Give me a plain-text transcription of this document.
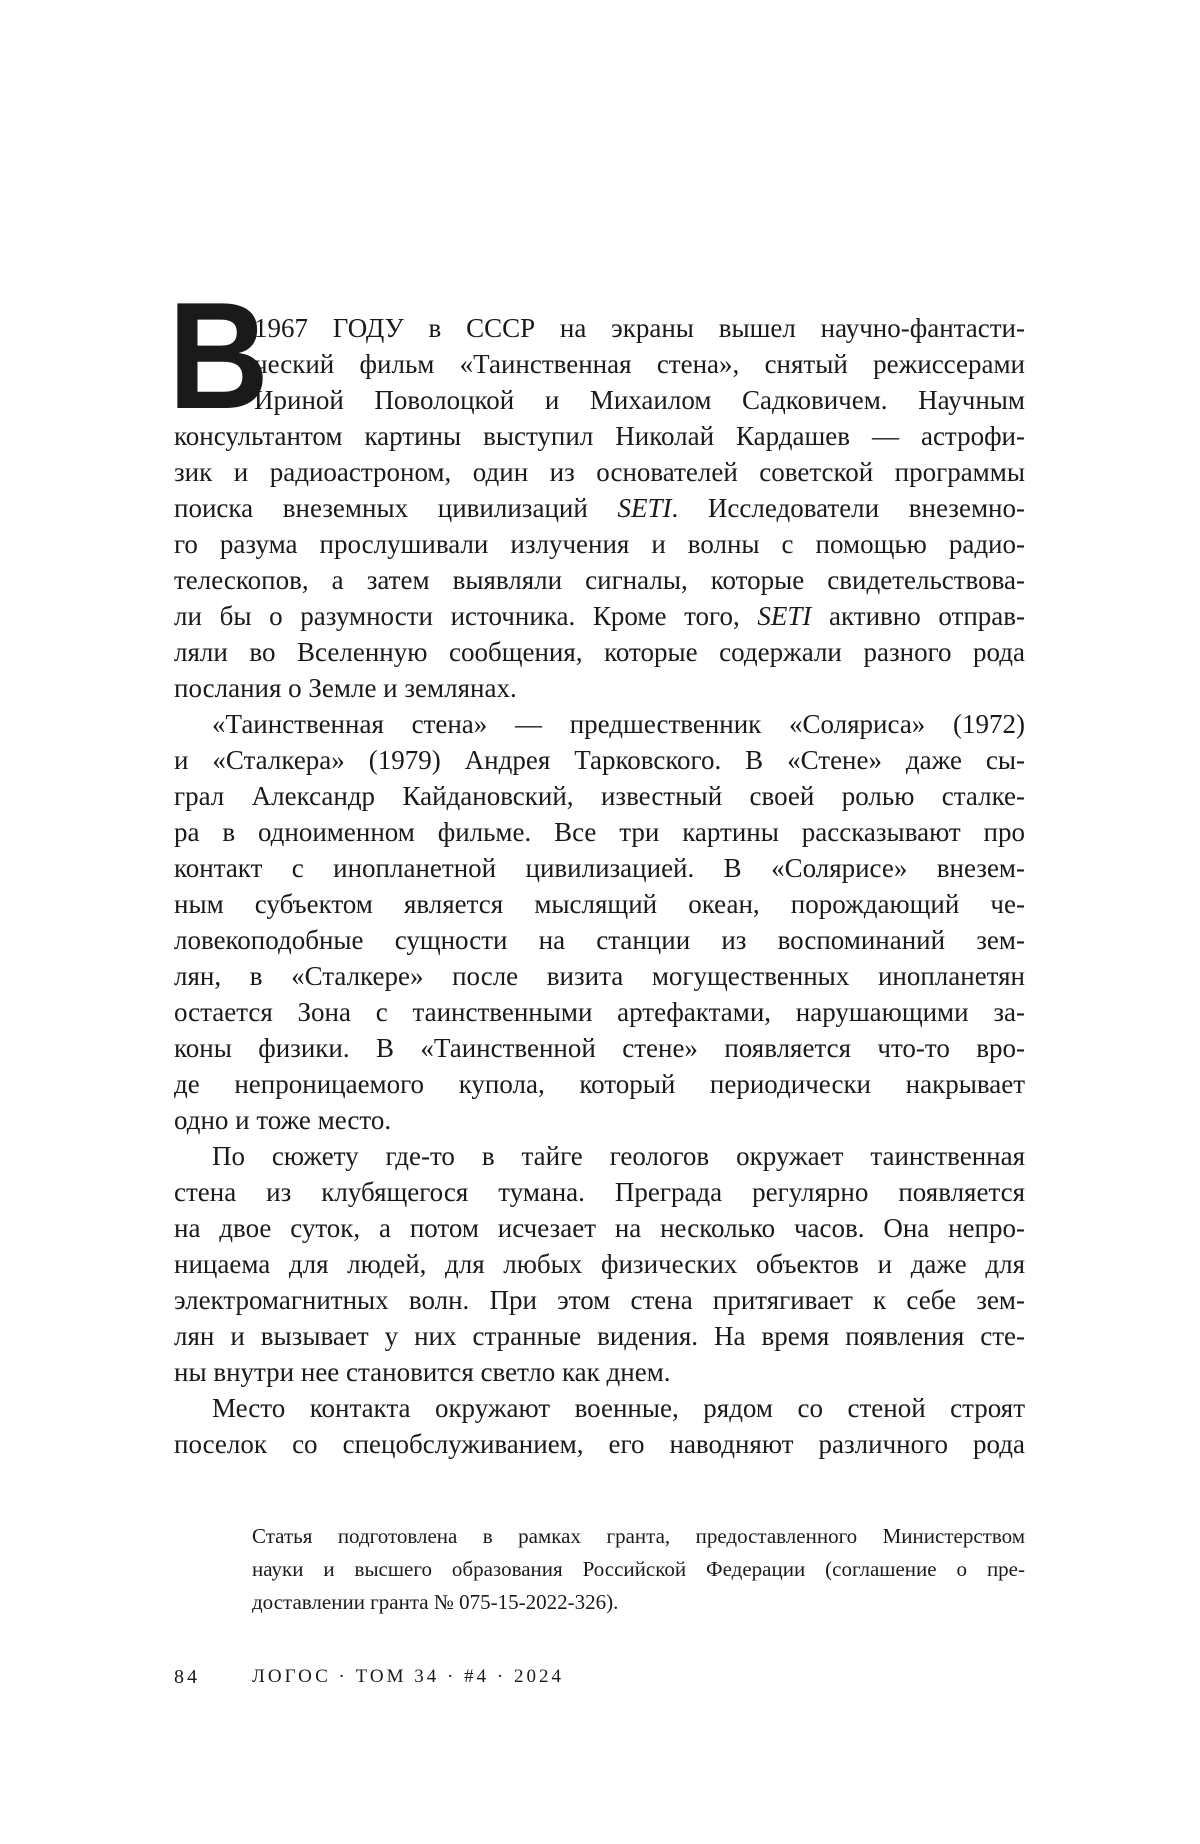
В
1967 ГОДУ в СССР на экраны вышел научно-фантасти-
ческий фильм «Таинственная стена», снятый режиссерами
Ириной Поволоцкой и Михаилом Садковичем. Научным
консультантом картины выступил Николай Кардашев — астрофи-
зик и радиоастроном, один из основателей советской программы
поиска внеземных цивилизаций SETI. Исследователи внеземно-
го разума прослушивали излучения и волны с помощью радио-
телескопов, а затем выявляли сигналы, которые свидетельствова-
ли бы о разумности источника. Кроме того, SETI активно отправ-
ляли во Вселенную сообщения, которые содержали разного рода
послания о Земле и землянах.
«Таинственная стена» — предшественник «Соляриса» (1972)
и «Сталкера» (1979) Андрея Тарковского. В «Стене» даже сы-
грал Александр Кайдановский, известный своей ролью сталке-
ра в одноименном фильме. Все три картины рассказывают про
контакт с инопланетной цивилизацией. В «Солярисе» внезем-
ным субъектом является мыслящий океан, порождающий че-
ловекоподобные сущности на станции из воспоминаний зем-
лян, в «Сталкере» после визита могущественных инопланетян
остается Зона с таинственными артефактами, нарушающими за-
коны физики. В «Таинственной стене» появляется что-то вро-
де непроницаемого купола, который периодически накрывает
одно и тоже место.
По сюжету где-то в тайге геологов окружает таинственная
стена из клубящегося тумана. Преграда регулярно появляется
на двое суток, а потом исчезает на несколько часов. Она непро-
ницаема для людей, для любых физических объектов и даже для
электромагнитных волн. При этом стена притягивает к себе зем-
лян и вызывает у них странные видения. На время появления сте-
ны внутри нее становится светло как днем.
Место контакта окружают военные, рядом со стеной строят
поселок со спецобслуживанием, его наводняют различного рода
Статья подготовлена в рамках гранта, предоставленного Министерством
науки и высшего образования Российской Федерации (соглашение о пре-
доставлении гранта № 075-15-2022-326).
84	ЛОГОС · ТОМ 34 · #4 · 2024
